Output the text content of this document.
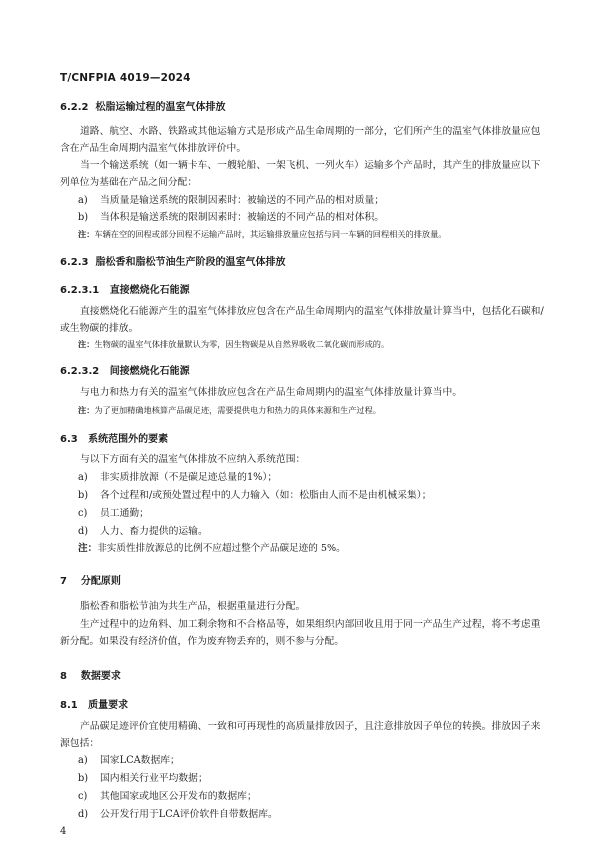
T/CNFPIA 4019—2024
6.2.2 松脂运输过程的温室气体排放
道路、航空、水路、铁路或其他运输方式是形成产品生命周期的一部分，它们所产生的温室气体排放量应包含在产品生命周期内温室气体排放评价中。
当一个输送系统（如一辆卡车、一艘轮船、一架飞机、一列火车）运输多个产品时，其产生的排放量应以下列单位为基础在产品之间分配：
a) 当质量是输送系统的限制因素时：被输送的不同产品的相对质量；
b) 当体积是输送系统的限制因素时：被输送的不同产品的相对体积。
注：车辆在空的回程或部分回程不运输产品时，其运输排放量应包括与同一车辆的回程相关的排放量。
6.2.3 脂松香和脂松节油生产阶段的温室气体排放
6.2.3.1 直接燃烧化石能源
直接燃烧化石能源产生的温室气体排放应包含在产品生命周期内的温室气体排放量计算当中，包括化石碳和/或生物碳的排放。
注：生物碳的温室气体排放量默认为零，因生物碳是从自然界吸收二氧化碳而形成的。
6.2.3.2 间接燃烧化石能源
与电力和热力有关的温室气体排放应包含在产品生命周期内的温室气体排放量计算当中。
注：为了更加精确地核算产品碳足迹，需要提供电力和热力的具体来源和生产过程。
6.3 系统范围外的要素
与以下方面有关的温室气体排放不应纳入系统范围：
a) 非实质排放源（不是碳足迹总量的1%）；
b) 各个过程和/或预处置过程中的人力输入（如：松脂由人而不是由机械采集）；
c) 员工通勤；
d) 人力、畜力提供的运输。
注：非实质性排放源总的比例不应超过整个产品碳足迹的 5%。
7 分配原则
脂松香和脂松节油为共生产品，根据重量进行分配。
生产过程中的边角料、加工剩余物和不合格品等，如果组织内部回收且用于同一产品生产过程，将不考虑重新分配。如果没有经济价值，作为废弃物丢弃的，则不参与分配。
8 数据要求
8.1 质量要求
产品碳足迹评价宜使用精确、一致和可再现性的高质量排放因子，且注意排放因子单位的转换。排放因子来源包括：
a) 国家LCA数据库；
b) 国内相关行业平均数据；
c) 其他国家或地区公开发布的数据库；
d) 公开发行用于LCA评价软件自带数据库。
4
